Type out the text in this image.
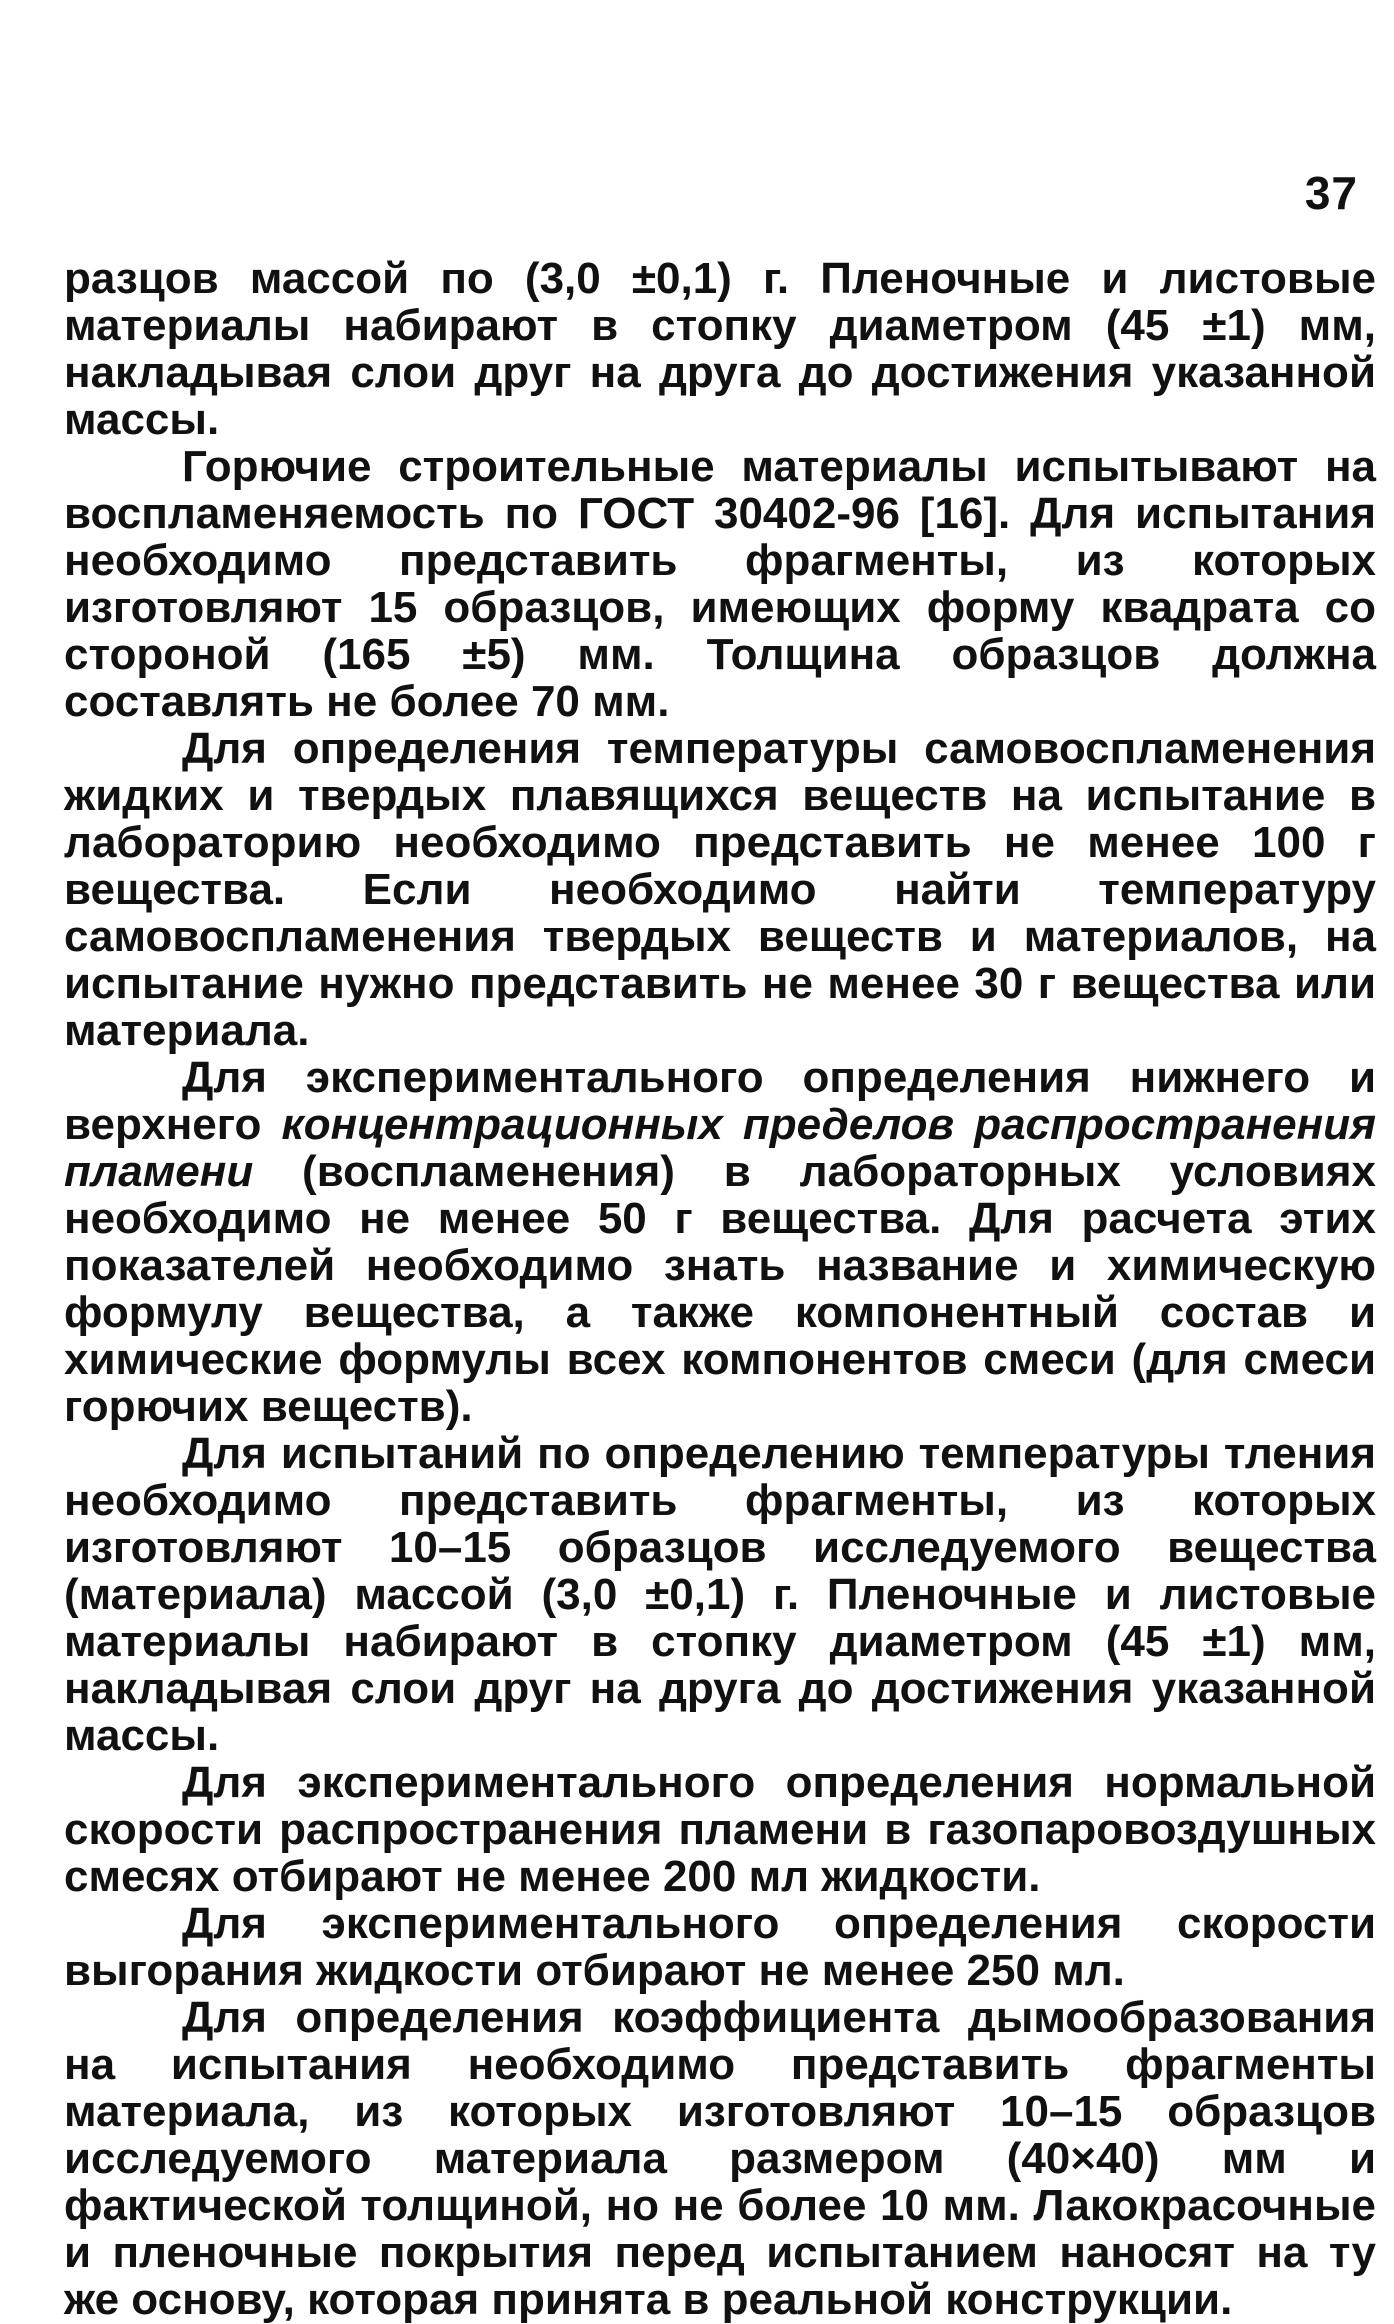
37

разцов массой по (3,0 ±0,1) г. Пленочные и листовые материалы набирают в стопку диаметром (45 ±1) мм, накладывая слои друг на друга до достижения указанной массы.

Горючие строительные материалы испытывают на воспламеняемость по ГОСТ 30402-96 [16]. Для испытания необходимо представить фрагменты, из которых изготовляют 15 образцов, имеющих форму квадрата со стороной (165 ±5) мм. Толщина образцов должна составлять не более 70 мм.

Для определения температуры самовоспламенения жидких и твердых плавящихся веществ на испытание в лабораторию необходимо представить не менее 100 г вещества. Если необходимо найти температуру самовоспламенения твердых веществ и материалов, на испытание нужно представить не менее 30 г вещества или материала.

Для экспериментального определения нижнего и верхнего концентрационных пределов распространения пламени (воспламенения) в лабораторных условиях необходимо не менее 50 г вещества. Для расчета этих показателей необходимо знать название и химическую формулу вещества, а также компонентный состав и химические формулы всех компонентов смеси (для смеси горючих веществ).

Для испытаний по определению температуры тления необходимо представить фрагменты, из которых изготовляют 10–15 образцов исследуемого вещества (материала) массой (3,0 ±0,1) г. Пленочные и листовые материалы набирают в стопку диаметром (45 ±1) мм, накладывая слои друг на друга до достижения указанной массы.

Для экспериментального определения нормальной скорости распространения пламени в газопаровоздушных смесях отбирают не менее 200 мл жидкости.

Для экспериментального определения скорости выгорания жидкости отбирают не менее 250 мл.

Для определения коэффициента дымообразования на испытания необходимо представить фрагменты материала, из которых изготовляют 10–15 образцов исследуемого материала размером (40×40) мм и фактической толщиной, но не более 10 мм. Лакокрасочные и пленочные покрытия перед испытанием наносят на ту же основу, которая принята в реальной конструкции.
